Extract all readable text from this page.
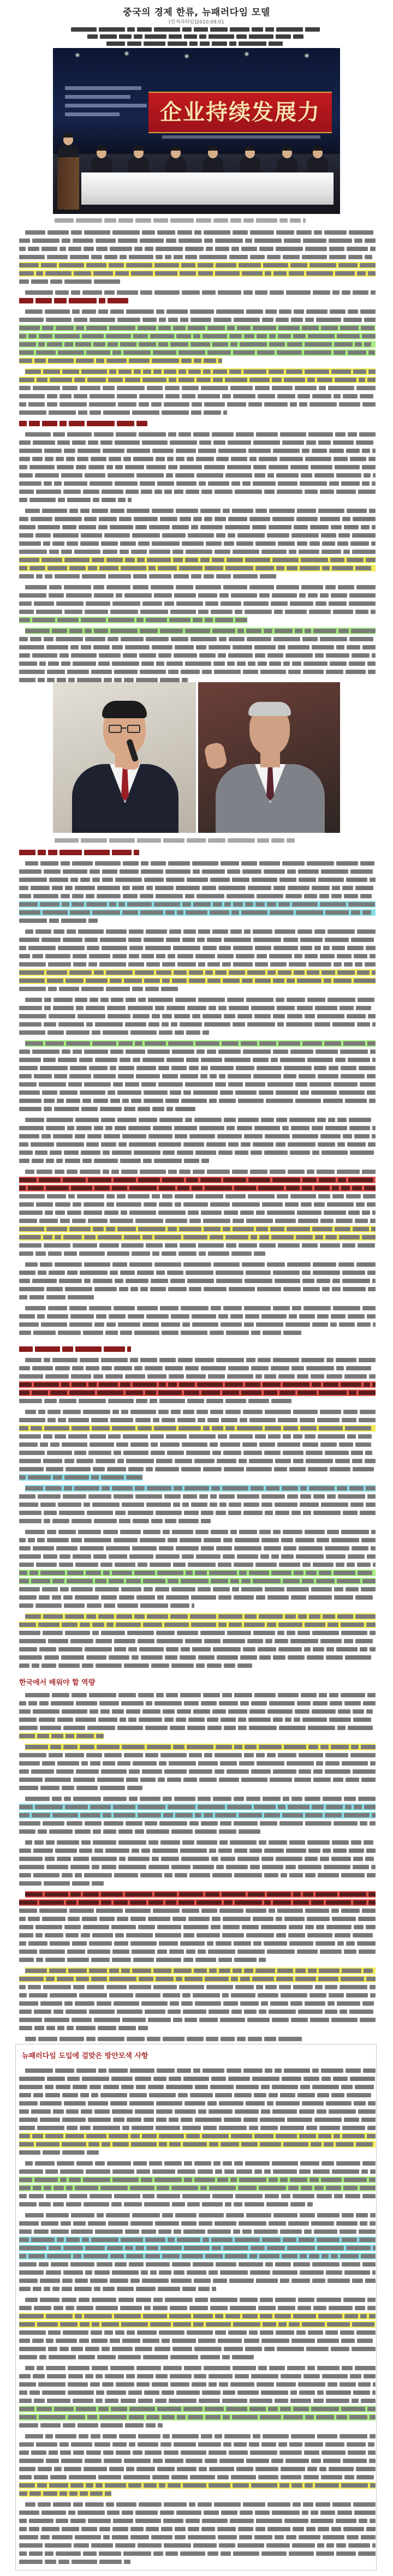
중국의 경제 한류, 뉴패러다임 모델
[인저리타임]2010.09.01
企业持续发展力
한국에서 배워야 할 역량
뉴패러다임 도입에 걸맞은 방안모색 사항
